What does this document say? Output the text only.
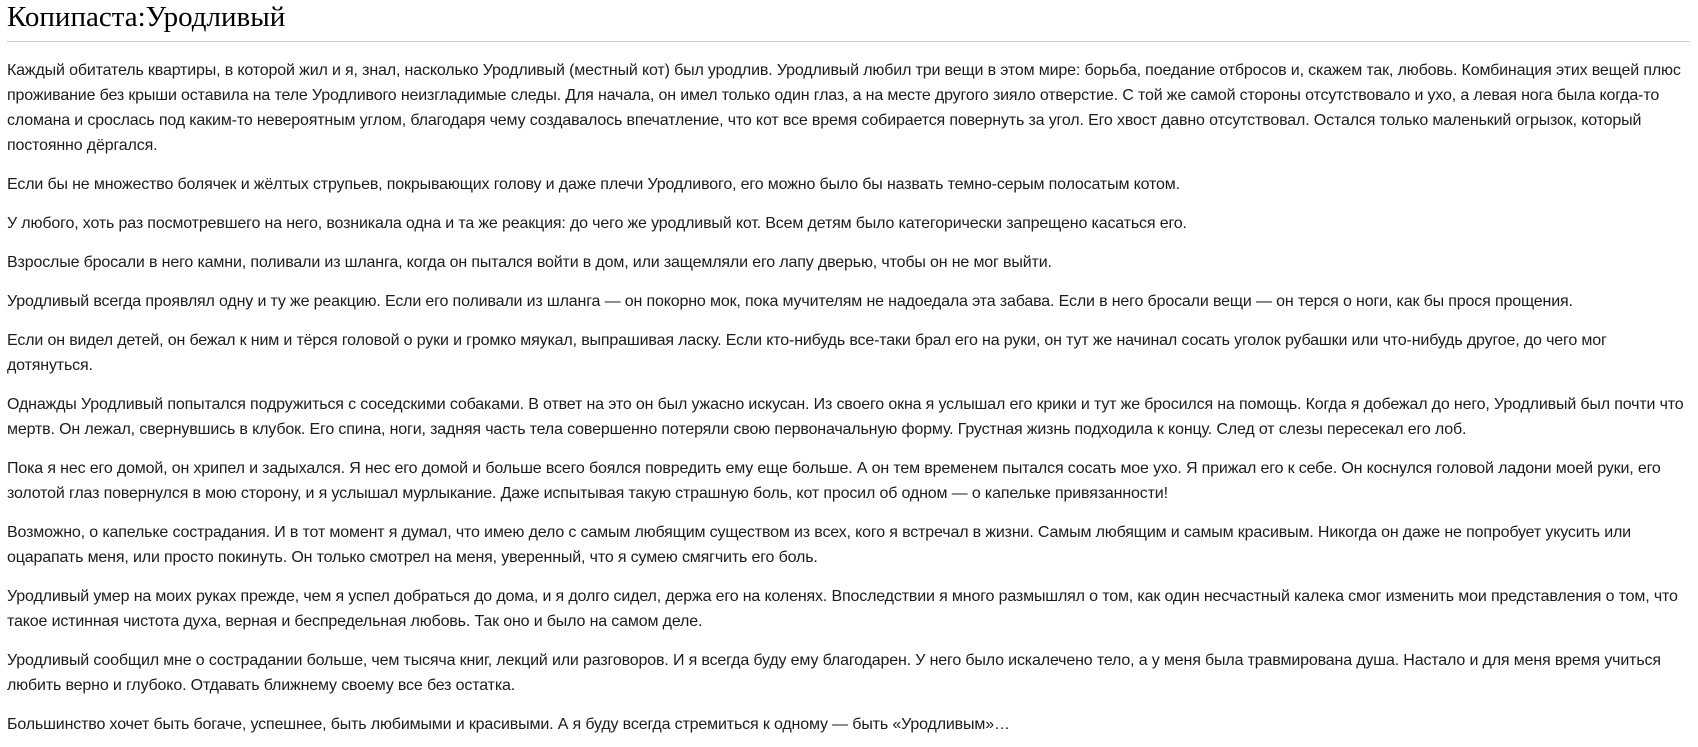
Копипаста:Уродливый

Каждый обитатель квартиры, в которой жил и я, знал, насколько Уродливый (местный кот) был уродлив. Уродливый любил три вещи в этом мире: борьба, поедание отбросов и, скажем так, любовь. Комбинация этих вещей плюс проживание без крыши оставила на теле Уродливого неизгладимые следы. Для начала, он имел только один глаз, а на месте другого зияло отверстие. С той же самой стороны отсутствовало и ухо, а левая нога была когда-то сломана и срослась под каким-то невероятным углом, благодаря чему создавалось впечатление, что кот все время собирается повернуть за угол. Его хвост давно отсутствовал. Остался только маленький огрызок, который постоянно дёргался.

Если бы не множество болячек и жёлтых струпьев, покрывающих голову и даже плечи Уродливого, его можно было бы назвать темно-серым полосатым котом.

У любого, хоть раз посмотревшего на него, возникала одна и та же реакция: до чего же уродливый кот. Всем детям было категорически запрещено касаться его.

Взрослые бросали в него камни, поливали из шланга, когда он пытался войти в дом, или защемляли его лапу дверью, чтобы он не мог выйти.

Уродливый всегда проявлял одну и ту же реакцию. Если его поливали из шланга — он покорно мок, пока мучителям не надоедала эта забава. Если в него бросали вещи — он терся о ноги, как бы прося прощения.

Если он видел детей, он бежал к ним и тёрся головой о руки и громко мяукал, выпрашивая ласку. Если кто-нибудь все-таки брал его на руки, он тут же начинал сосать уголок рубашки или что-нибудь другое, до чего мог дотянуться.

Однажды Уродливый попытался подружиться с соседскими собаками. В ответ на это он был ужасно искусан. Из своего окна я услышал его крики и тут же бросился на помощь. Когда я добежал до него, Уродливый был почти что мертв. Он лежал, свернувшись в клубок. Его спина, ноги, задняя часть тела совершенно потеряли свою первоначальную форму. Грустная жизнь подходила к концу. След от слезы пересекал его лоб.

Пока я нес его домой, он хрипел и задыхался. Я нес его домой и больше всего боялся повредить ему еще больше. А он тем временем пытался сосать мое ухо. Я прижал его к себе. Он коснулся головой ладони моей руки, его золотой глаз повернулся в мою сторону, и я услышал мурлыкание. Даже испытывая такую страшную боль, кот просил об одном — о капельке привязанности!

Возможно, о капельке сострадания. И в тот момент я думал, что имею дело с самым любящим существом из всех, кого я встречал в жизни. Самым любящим и самым красивым. Никогда он даже не попробует укусить или оцарапать меня, или просто покинуть. Он только смотрел на меня, уверенный, что я сумею смягчить его боль.

Уродливый умер на моих руках прежде, чем я успел добраться до дома, и я долго сидел, держа его на коленях. Впоследствии я много размышлял о том, как один несчастный калека смог изменить мои представления о том, что такое истинная чистота духа, верная и беспредельная любовь. Так оно и было на самом деле.

Уродливый сообщил мне о сострадании больше, чем тысяча книг, лекций или разговоров. И я всегда буду ему благодарен. У него было искалечено тело, а у меня была травмирована душа. Настало и для меня время учиться любить верно и глубоко. Отдавать ближнему своему все без остатка.

Большинство хочет быть богаче, успешнее, быть любимыми и красивыми. А я буду всегда стремиться к одному — быть «Уродливым»…
